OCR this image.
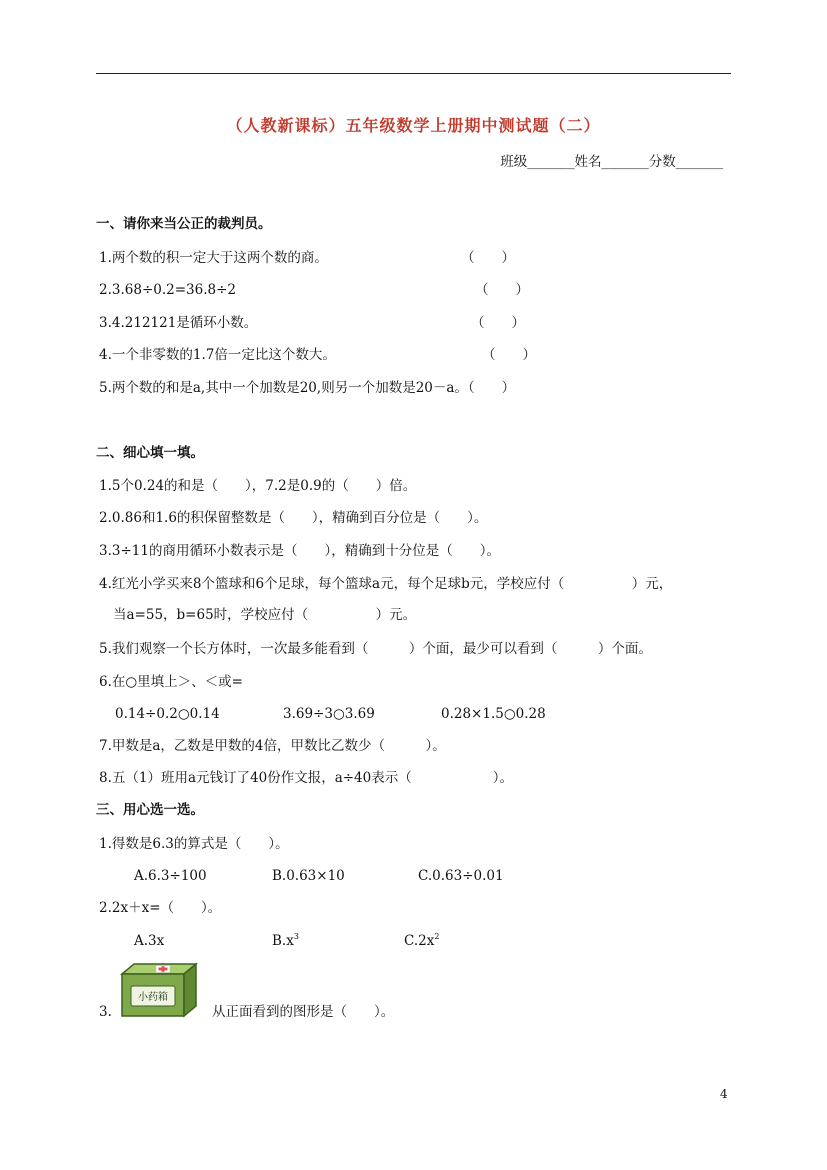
（人教新课标）五年级数学上册期中测试题（二）
班级_______姓名_______分数_______
一、请你来当公正的裁判员。
1.两个数的积一定大于这两个数的商。	（　　）
2.3.68÷0.2=36.8÷2	（　　）
3.4.212121是循环小数。	（　　）
4.一个非零数的1.7倍一定比这个数大。	（　　）
5.两个数的和是a,其中一个加数是20,则另一个加数是20－a。（　　）
二、细心填一填。
1.5个0.24的和是（　　），7.2是0.9的（　　）倍。
2.0.86和1.6的积保留整数是（　　），精确到百分位是（　　）。
3.3÷11的商用循环小数表示是（　　），精确到十分位是（　　）。
4.红光小学买来8个篮球和6个足球，每个篮球a元，每个足球b元，学校应付（　　　　　）元，
当a=55，b=65时，学校应付（　　　　　）元。
5.我们观察一个长方体时，一次最多能看到（　　　）个面，最少可以看到（　　　）个面。
6.在○里填上＞、＜或=
0.14÷0.2○0.14	3.69÷3○3.69	0.28×1.5○0.28
7.甲数是a，乙数是甲数的4倍，甲数比乙数少（　　　）。
8.五（1）班用a元钱订了40份作文报，a÷40表示（　　　　　　）。
三、用心选一选。
1.得数是6.3的算式是（　　）。
A.6.3÷100	B.0.63×10	C.0.63÷0.01
2.2x＋x=（　　）。
A.3x	$B.x^3$	$C.2x^2$
3.
小药箱
从正面看到的图形是（　　）。
4
